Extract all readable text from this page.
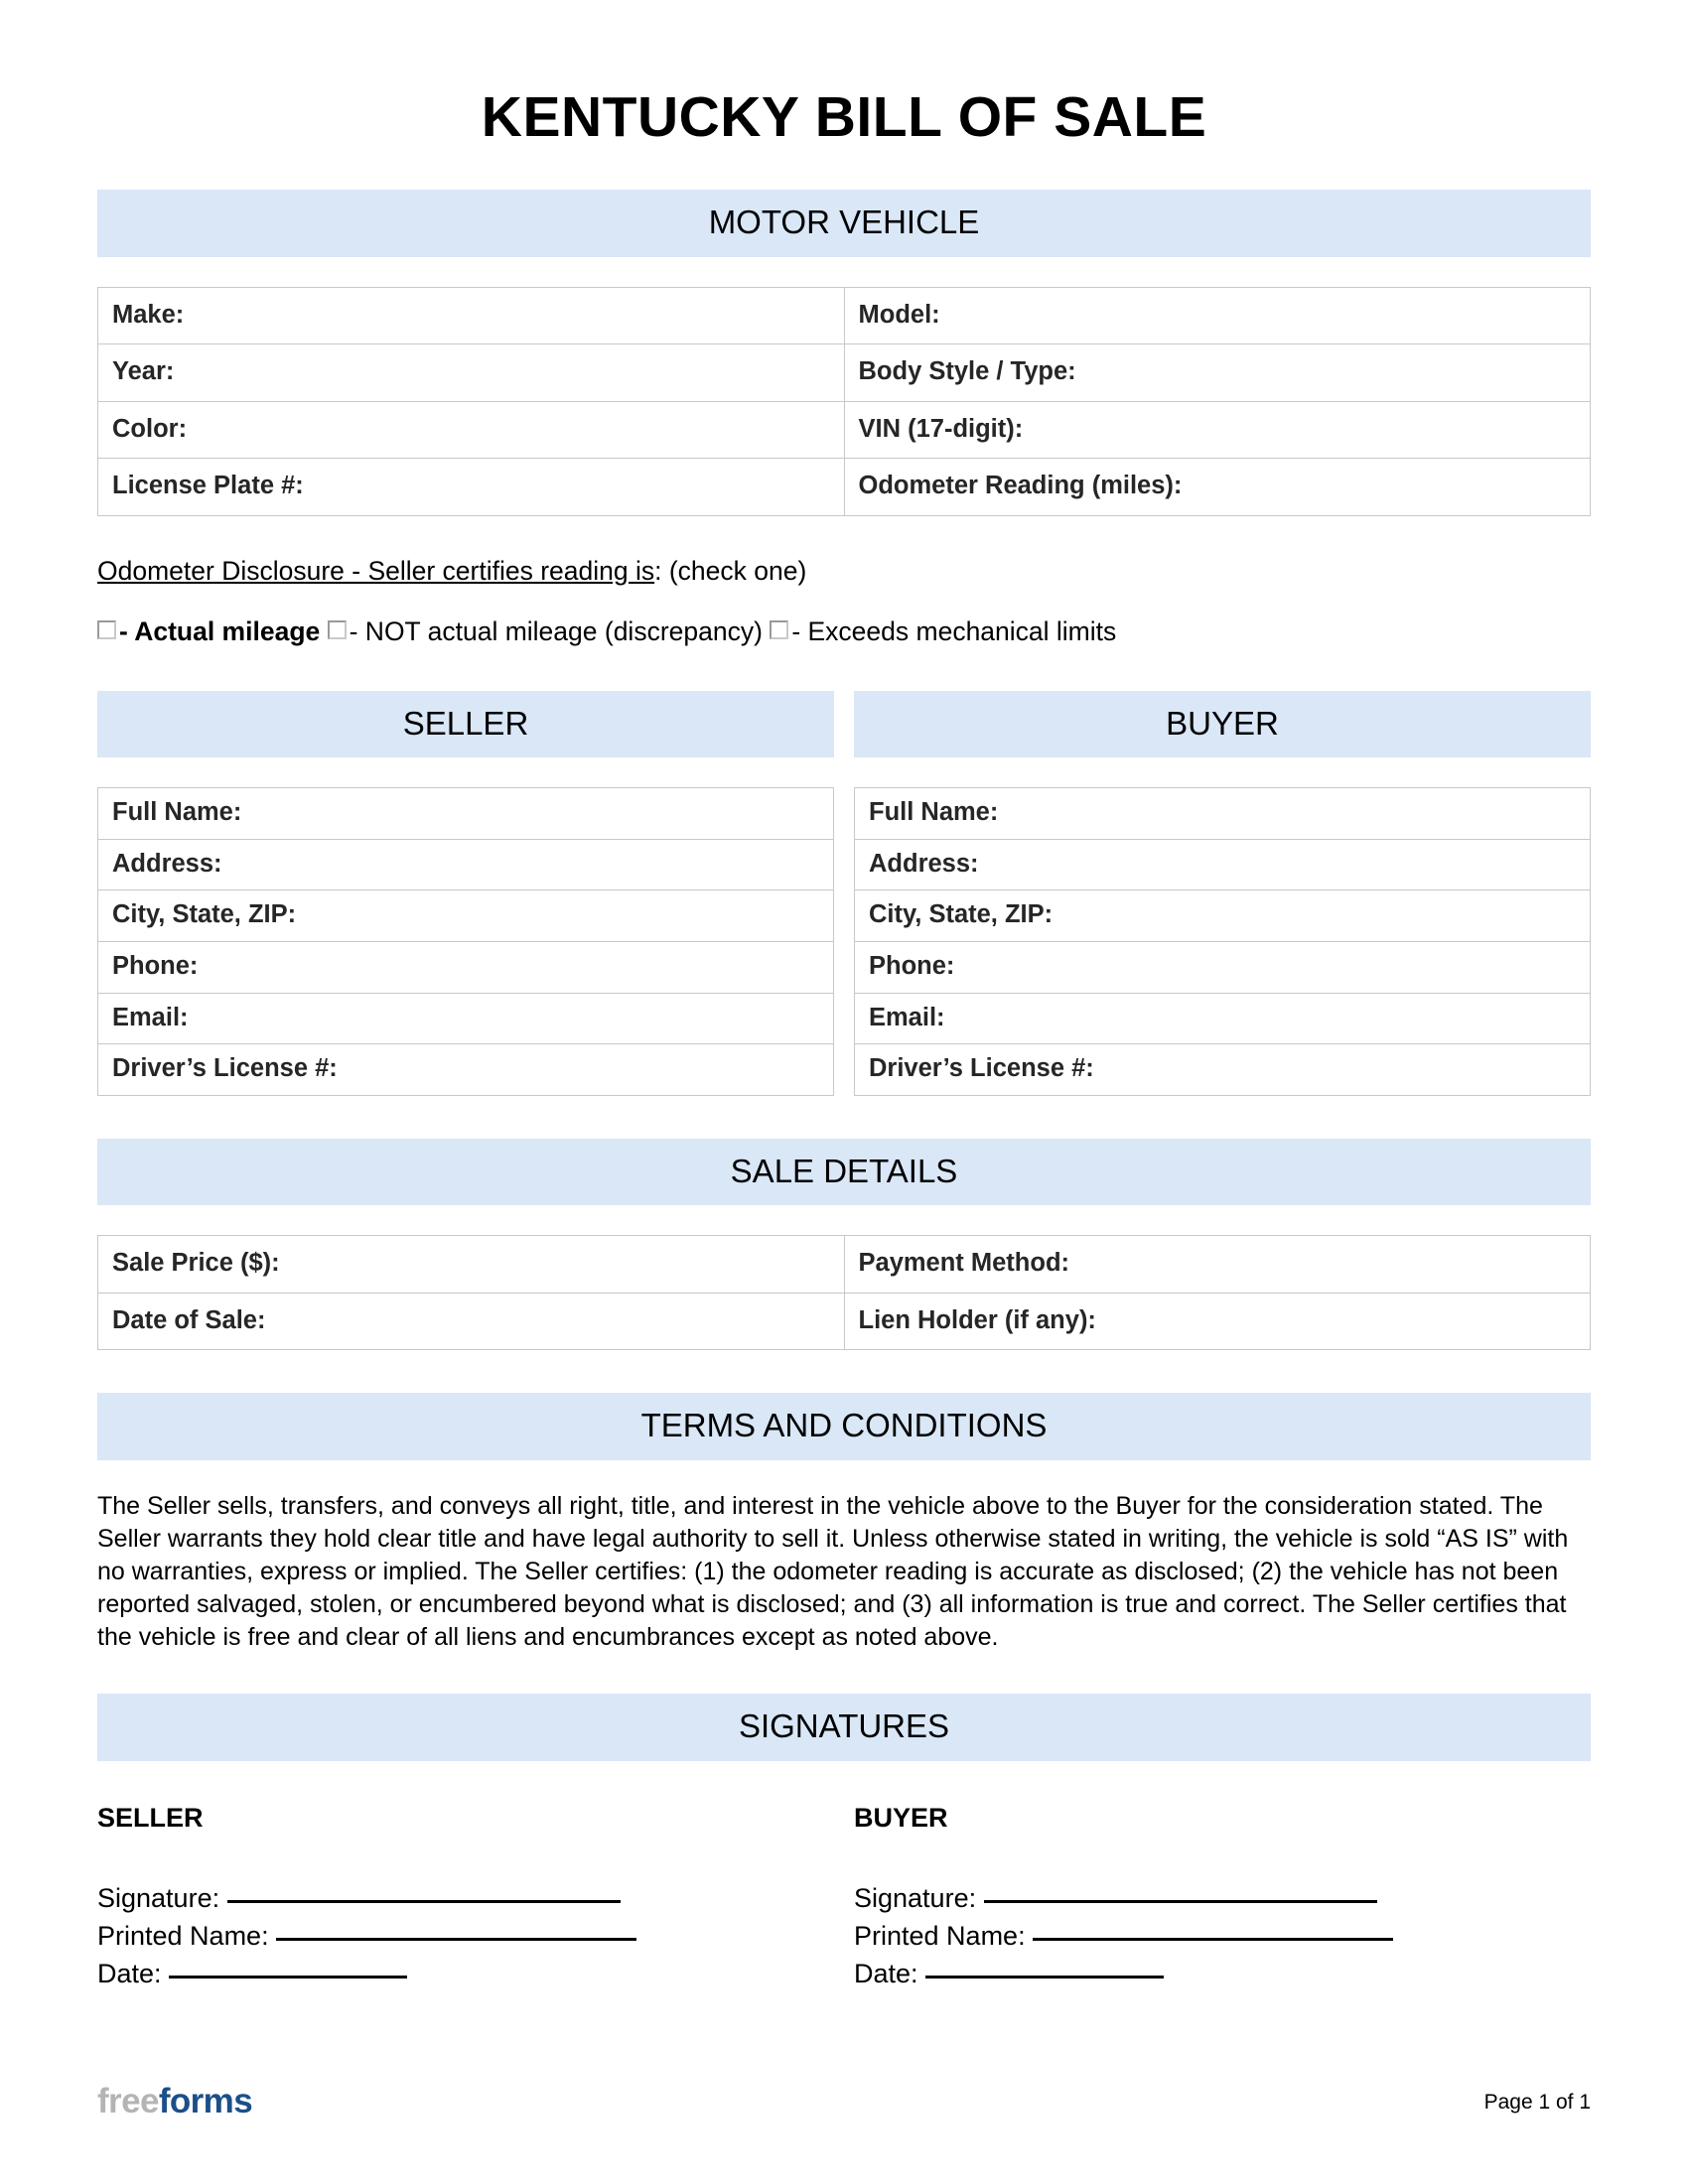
KENTUCKY BILL OF SALE
MOTOR VEHICLE
Make:	Model:
Year:	Body Style / Type:
Color:	VIN (17-digit):
License Plate #:	Odometer Reading (miles):
Odometer Disclosure - Seller certifies reading is: (check one)
- Actual mileage - NOT actual mileage (discrepancy) - Exceeds mechanical limits
SELLER
Full Name:
Address:
City, State, ZIP:
Phone:
Email:
Driver’s License #:
BUYER
Full Name:
Address:
City, State, ZIP:
Phone:
Email:
Driver’s License #:
SALE DETAILS
Sale Price ($):	Payment Method:
Date of Sale:	Lien Holder (if any):
TERMS AND CONDITIONS

The Seller sells, transfers, and conveys all right, title, and interest in the vehicle above to the Buyer for the consideration stated. The Seller warrants they hold clear title and have legal authority to sell it. Unless otherwise stated in writing, the vehicle is sold “AS IS” with no warranties, express or implied. The Seller certifies: (1) the odometer reading is accurate as disclosed; (2) the vehicle has not been reported salvaged, stolen, or encumbered beyond what is disclosed; and (3) all information is true and correct. The Seller certifies that the vehicle is free and clear of all liens and encumbrances except as noted above.

SIGNATURES
SELLER
Signature:
Printed Name:
Date:
BUYER
Signature:
Printed Name:
Date:
freeforms	Page 1 of 1
